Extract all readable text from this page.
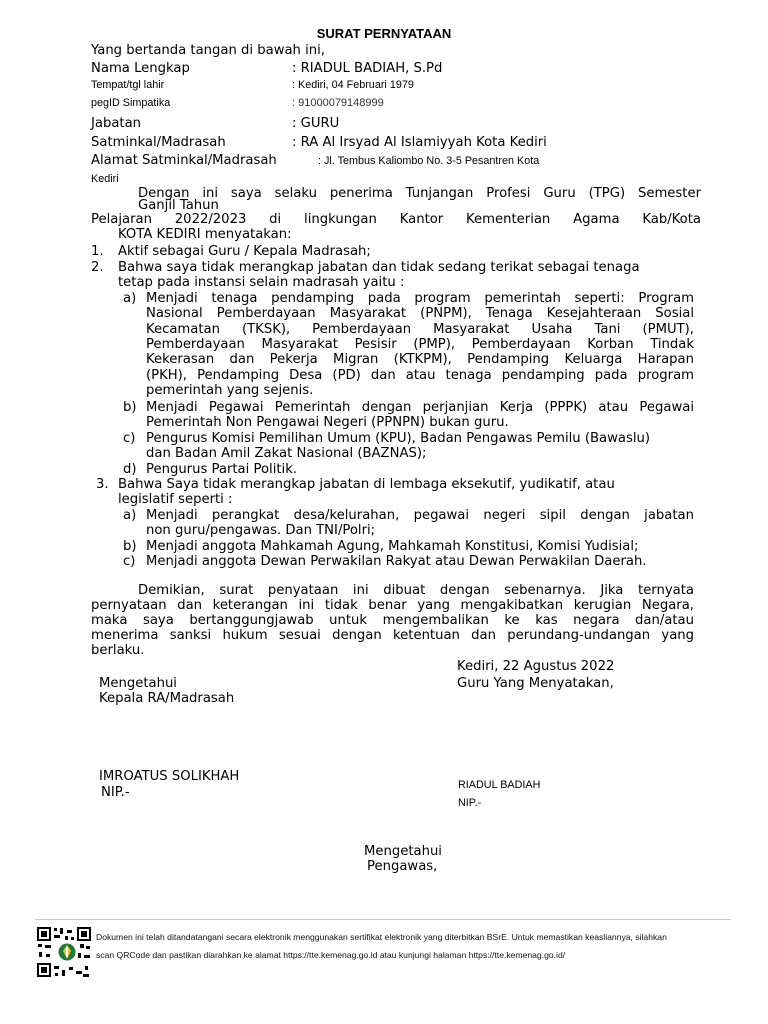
SURAT PERNYATAAN
Yang bertanda tangan di bawah ini,
Nama Lengkap	: RIADUL BADIAH, S.Pd
Tempat/tgl lahir	: Kediri, 04 Februari 1979
pegID Simpatika	: 91000079148999
Jabatan	: GURU
Satminkal/Madrasah	: RA Al Irsyad Al Islamiyyah Kota Kediri
Alamat Satminkal/Madrasah	: Jl. Tembus Kaliombo No. 3-5 Pesantren Kota
Kediri
Dengan ini saya selaku penerima Tunjangan Profesi Guru (TPG) Semester
Ganjil Tahun
Pelajaran 2022/2023 di lingkungan Kantor Kementerian Agama Kab/Kota
KOTA KEDIRI menyatakan:
1. Aktif sebagai Guru / Kepala Madrasah;
2. Bahwa saya tidak merangkap jabatan dan tidak sedang terikat sebagai tenaga
tetap pada instansi selain madrasah yaitu :
a) Menjadi tenaga pendamping pada program pemerintah seperti: Program
Nasional Pemberdayaan Masyarakat (PNPM), Tenaga Kesejahteraan Sosial
Kecamatan (TKSK), Pemberdayaan Masyarakat Usaha Tani (PMUT),
Pemberdayaan Masyarakat Pesisir (PMP), Pemberdayaan Korban Tindak
Kekerasan dan Pekerja Migran (KTKPM), Pendamping Keluarga Harapan
(PKH), Pendamping Desa (PD) dan atau tenaga pendamping pada program
pemerintah yang sejenis.
b) Menjadi Pegawai Pemerintah dengan perjanjian Kerja (PPPK) atau Pegawai
Pemerintah Non Pengawai Negeri (PPNPN) bukan guru.
c) Pengurus Komisi Pemilihan Umum (KPU), Badan Pengawas Pemilu (Bawaslu)
dan Badan Amil Zakat Nasional (BAZNAS);
d) Pengurus Partai Politik.
3. Bahwa Saya tidak merangkap jabatan di lembaga eksekutif, yudikatif, atau
legislatif seperti :
a) Menjadi perangkat desa/kelurahan, pegawai negeri sipil dengan jabatan
non guru/pengawas. Dan TNI/Polri;
b) Menjadi anggota Mahkamah Agung, Mahkamah Konstitusi, Komisi Yudisial;
c) Menjadi anggota Dewan Perwakilan Rakyat atau Dewan Perwakilan Daerah.
Demikian, surat penyataan ini dibuat dengan sebenarnya. Jika ternyata
pernyataan dan keterangan ini tidak benar yang mengakibatkan kerugian Negara,
maka saya bertanggungjawab untuk mengembalikan ke kas negara dan/atau
menerima sanksi hukum sesuai dengan ketentuan dan perundang-undangan yang
berlaku.
Kediri, 22 Agustus 2022
Mengetahui	Guru Yang Menyatakan,
Kepala RA/Madrasah
IMROATUS SOLIKHAH
NIP.-	RIADUL BADIAH
NIP.-
Mengetahui
Pengawas,
Dokumen ini telah ditandatangani secara elektronik menggunakan sertifikat elektronik yang diterbitkan BSrE. Untuk memastikan keasliannya, silahkan
scan QRCode dan pastikan diarahkan ke alamat https://tte.kemenag.go.id atau kunjungi halaman https://tte.kemenag.go.id/
